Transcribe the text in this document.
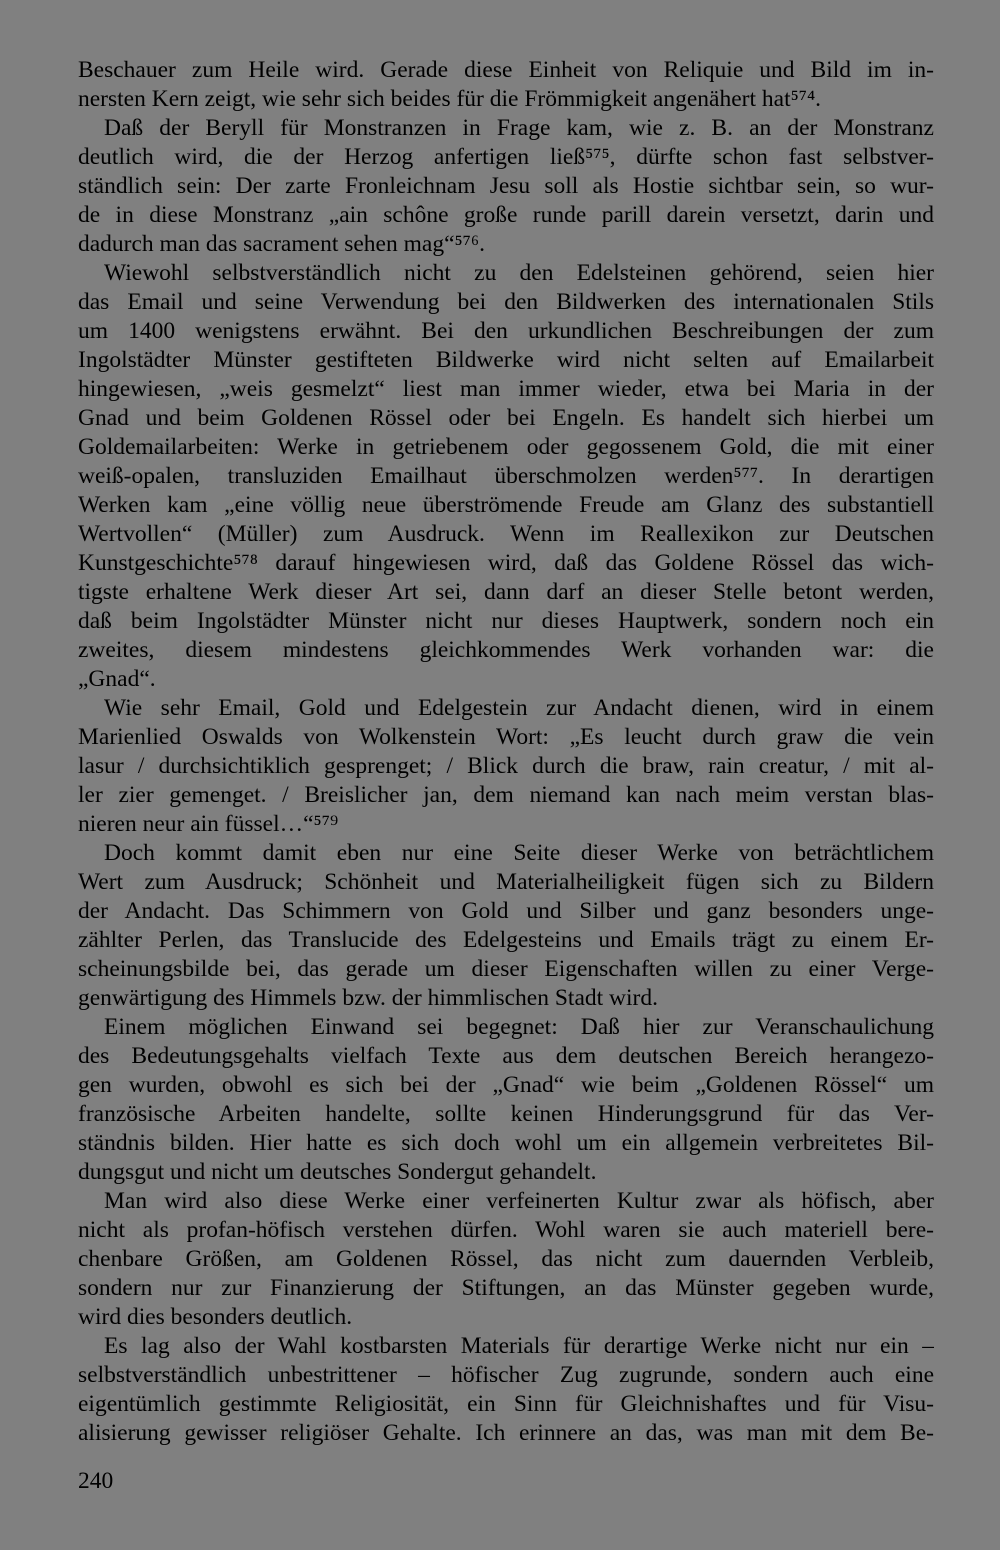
Beschauer zum Heile wird. Gerade diese Einheit von Reliquie und Bild im in-
nersten Kern zeigt, wie sehr sich beides für die Frömmigkeit angenähert hat⁵⁷⁴.
Daß der Beryll für Monstranzen in Frage kam, wie z. B. an der Monstranz
deutlich wird, die der Herzog anfertigen ließ⁵⁷⁵, dürfte schon fast selbstver-
ständlich sein: Der zarte Fronleichnam Jesu soll als Hostie sichtbar sein, so wur-
de in diese Monstranz „ain schône große runde parill darein versetzt, darin und
dadurch man das sacrament sehen mag“⁵⁷⁶.
Wiewohl selbstverständlich nicht zu den Edelsteinen gehörend, seien hier
das Email und seine Verwendung bei den Bildwerken des internationalen Stils
um 1400 wenigstens erwähnt. Bei den urkundlichen Beschreibungen der zum
Ingolstädter Münster gestifteten Bildwerke wird nicht selten auf Emailarbeit
hingewiesen, „weis gesmelzt“ liest man immer wieder, etwa bei Maria in der
Gnad und beim Goldenen Rössel oder bei Engeln. Es handelt sich hierbei um
Goldemailarbeiten: Werke in getriebenem oder gegossenem Gold, die mit einer
weiß-opalen, transluziden Emailhaut überschmolzen werden⁵⁷⁷. In derartigen
Werken kam „eine völlig neue überströmende Freude am Glanz des substantiell
Wertvollen“ (Müller) zum Ausdruck. Wenn im Reallexikon zur Deutschen
Kunstgeschichte⁵⁷⁸ darauf hingewiesen wird, daß das Goldene Rössel das wich-
tigste erhaltene Werk dieser Art sei, dann darf an dieser Stelle betont werden,
daß beim Ingolstädter Münster nicht nur dieses Hauptwerk, sondern noch ein
zweites, diesem mindestens gleichkommendes Werk vorhanden war: die
„Gnad“.
Wie sehr Email, Gold und Edelgestein zur Andacht dienen, wird in einem
Marienlied Oswalds von Wolkenstein Wort: „Es leucht durch graw die vein
lasur / durchsichtiklich gesprenget; / Blick durch die braw, rain creatur, / mit al-
ler zier gemenget. / Breislicher jan, dem niemand kan nach meim verstan blas-
nieren neur ain füssel…“⁵⁷⁹
Doch kommt damit eben nur eine Seite dieser Werke von beträchtlichem
Wert zum Ausdruck; Schönheit und Materialheiligkeit fügen sich zu Bildern
der Andacht. Das Schimmern von Gold und Silber und ganz besonders unge-
zählter Perlen, das Translucide des Edelgesteins und Emails trägt zu einem Er-
scheinungsbilde bei, das gerade um dieser Eigenschaften willen zu einer Verge-
genwärtigung des Himmels bzw. der himmlischen Stadt wird.
Einem möglichen Einwand sei begegnet: Daß hier zur Veranschaulichung
des Bedeutungsgehalts vielfach Texte aus dem deutschen Bereich herangezo-
gen wurden, obwohl es sich bei der „Gnad“ wie beim „Goldenen Rössel“ um
französische Arbeiten handelte, sollte keinen Hinderungsgrund für das Ver-
ständnis bilden. Hier hatte es sich doch wohl um ein allgemein verbreitetes Bil-
dungsgut und nicht um deutsches Sondergut gehandelt.
Man wird also diese Werke einer verfeinerten Kultur zwar als höfisch, aber
nicht als profan-höfisch verstehen dürfen. Wohl waren sie auch materiell bere-
chenbare Größen, am Goldenen Rössel, das nicht zum dauernden Verbleib,
sondern nur zur Finanzierung der Stiftungen, an das Münster gegeben wurde,
wird dies besonders deutlich.
Es lag also der Wahl kostbarsten Materials für derartige Werke nicht nur ein –
selbstverständlich unbestrittener – höfischer Zug zugrunde, sondern auch eine
eigentümlich gestimmte Religiosität, ein Sinn für Gleichnishaftes und für Visu-
alisierung gewisser religiöser Gehalte. Ich erinnere an das, was man mit dem Be-
240
